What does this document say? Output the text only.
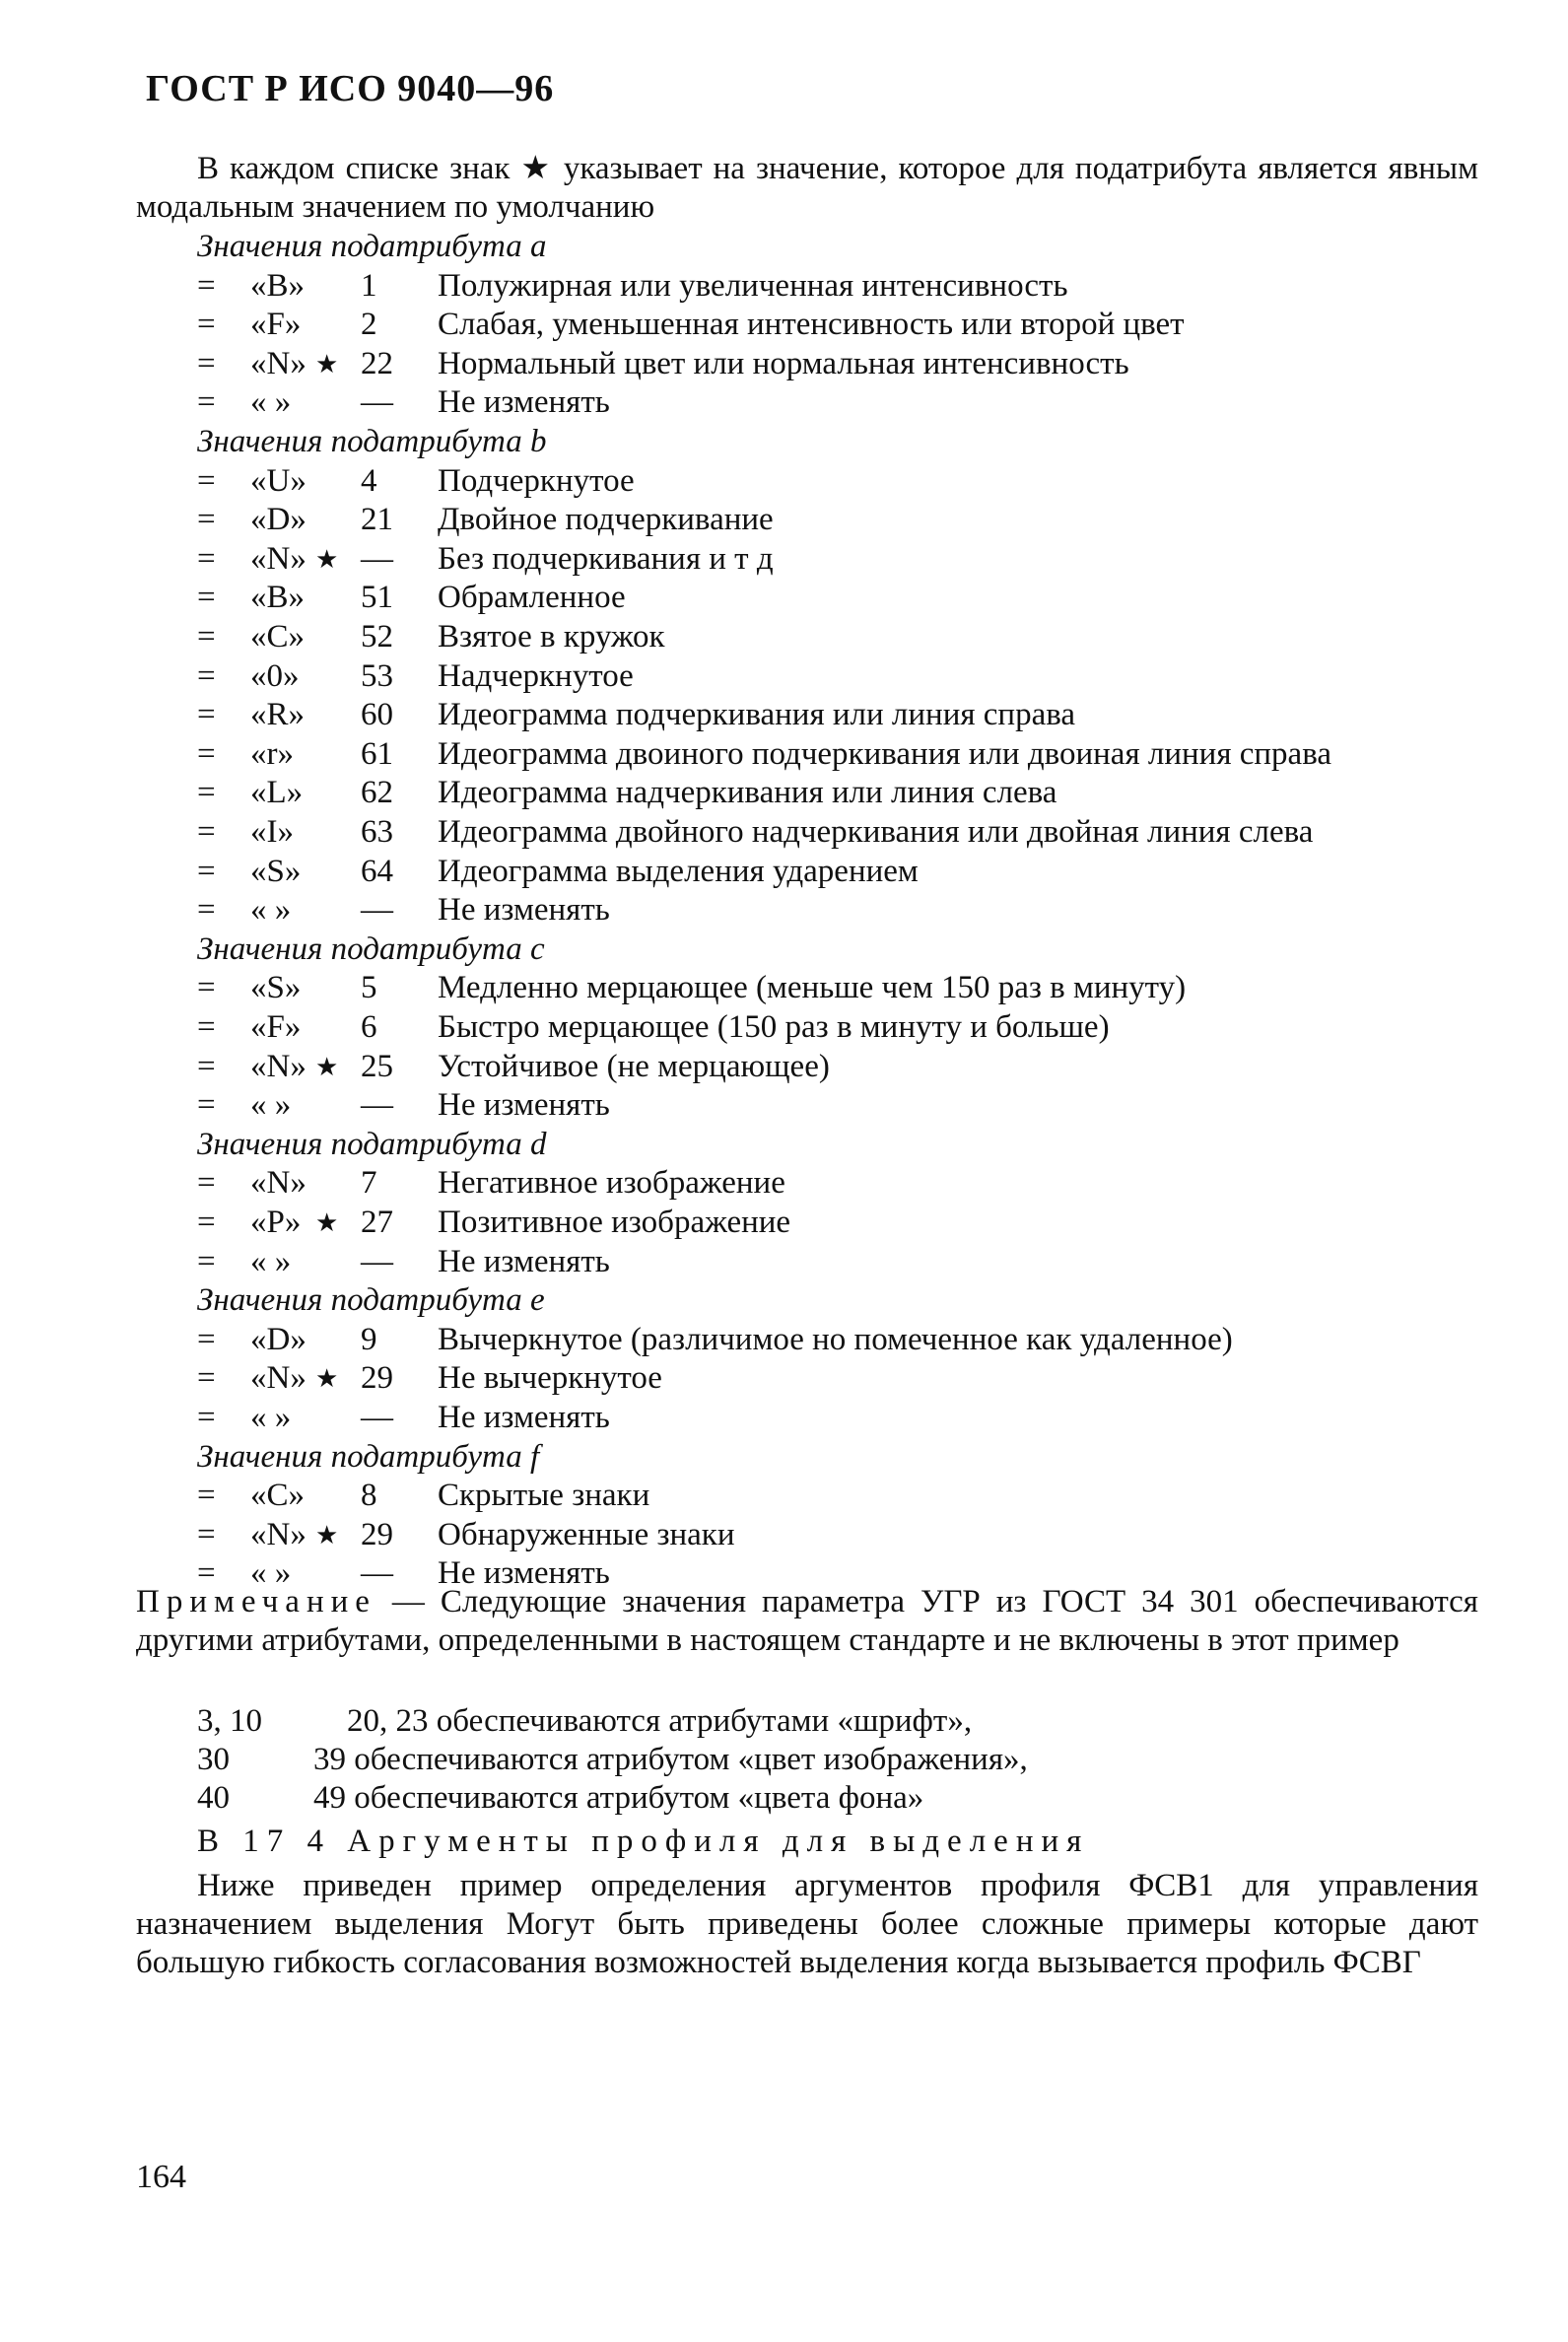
ГОСТ Р ИСО 9040—96
В каждом списке знак ★ указывает на значение, которое для податрибута является явным модальным значением по умолчанию
Значения податрибута a
= «B» 1 Полужирная или увеличенная интенсивность
= «F» 2 Слабая, уменьшенная интенсивность или второй цвет
= «N» ★ 22 Нормальный цвет или нормальная интенсивность
= « » — Не изменять
Значения податрибута b
= «U» 4 Подчеркнутое
= «D» 21 Двойное подчеркивание
= «N» ★ — Без подчеркивания и т д
= «B» 51 Обрамленное
= «C» 52 Взятое в кружок
= «0» 53 Надчеркнутое
= «R» 60 Идеограмма подчеркивания или линия справа
= «r» 61 Идеограмма двоиного подчеркивания или двоиная линия справа
= «L» 62 Идеограмма надчеркивания или линия слева
= «I» 63 Идеограмма двойного надчеркивания или двойная линия слева
= «S» 64 Идеограмма выделения ударением
= « » — Не изменять
Значения податрибута c
= «S» 5 Медленно мерцающее (меньше чем 150 раз в минуту)
= «F» 6 Быстро мерцающее (150 раз в минуту и больше)
= «N» ★ 25 Устойчивое (не мерцающее)
= « » — Не изменять
Значения податрибута d
= «N» 7 Негативное изображение
= «P» ★ 27 Позитивное изображение
= « » — Не изменять
Значения податрибута e
= «D» 9 Вычеркнутое (различимое но помеченное как удаленное)
= «N» ★ 29 Не вычеркнутое
= « » — Не изменять
Значения податрибута f
= «C» 8 Скрытые знаки
= «N» ★ 29 Обнаруженные знаки
= « » — Не изменять
Примечание — Следующие значения параметра УГР из ГОСТ 34 301 обеспечиваются другими атрибутами, определенными в настоящем стандарте и не включены в этот пример
3, 10	20, 23 обеспечиваются атрибутами «шрифт»,
30	39 обеспечиваются атрибутом «цвет изображения»,
40	49 обеспечиваются атрибутом «цвета фона»
В 17 4 Аргументы профиля для выделения
Ниже приведен пример определения аргументов профиля ФСВ1 для управления назначением выделения Могут быть приведены более сложные примеры которые дают большую гибкость согласования возможностей выделения когда вызывается профиль ФСВГ
164
